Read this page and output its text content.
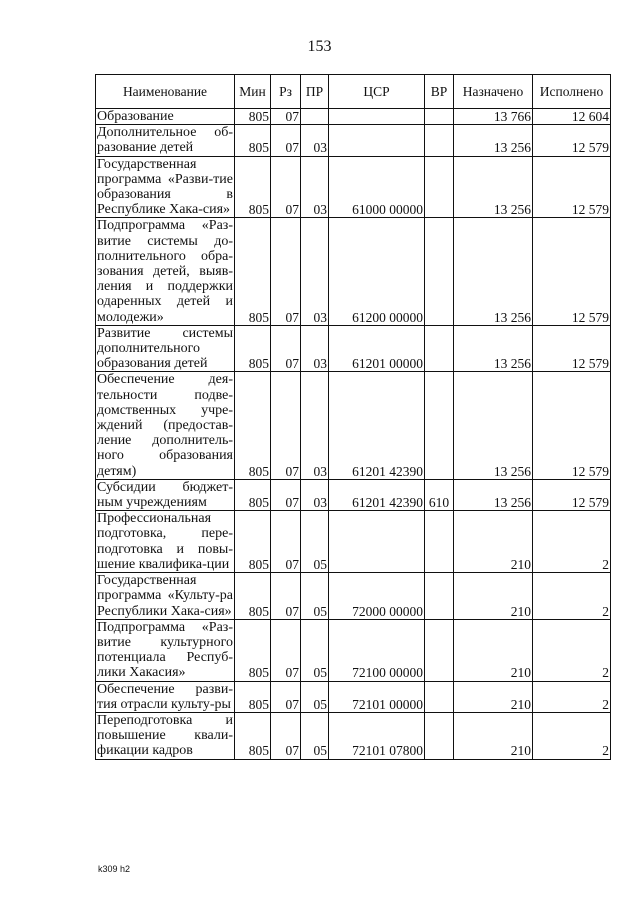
153
Наименование	Мин	Рз	ПР	ЦСР	ВР	Назначено	Исполнено
Образование	805	07				13 766	12 604
Дополнительное об-разование детей	805	07	03			13 256	12 579
Государственная программа «Разви-тие образования в Республике Хака-сия»	805	07	03	61000 00000		13 256	12 579
Подпрограмма «Раз-витие системы до-полнительного обра-зования детей, выяв-ления и поддержки одаренных детей и молодежи»	805	07	03	61200 00000		13 256	12 579
Развитие системы дополнительного образования детей	805	07	03	61201 00000		13 256	12 579
Обеспечение дея-тельности подве-домственных учре-ждений (предостав-ление дополнитель-ного образования детям)	805	07	03	61201 42390		13 256	12 579
Субсидии бюджет-ным учреждениям	805	07	03	61201 42390	610	13 256	12 579
Профессиональная подготовка, пере-подготовка и повы-шение квалифика-ции	805	07	05			210	2
Государственная программа «Культу-ра Республики Хака-сия»	805	07	05	72000 00000		210	2
Подпрограмма «Раз-витие культурного потенциала Респуб-лики Хакасия»	805	07	05	72100 00000		210	2
Обеспечение разви-тия отрасли культу-ры	805	07	05	72101 00000		210	2
Переподготовка и повышение квали-фикации кадров	805	07	05	72101 07800		210	2
k309 h2
